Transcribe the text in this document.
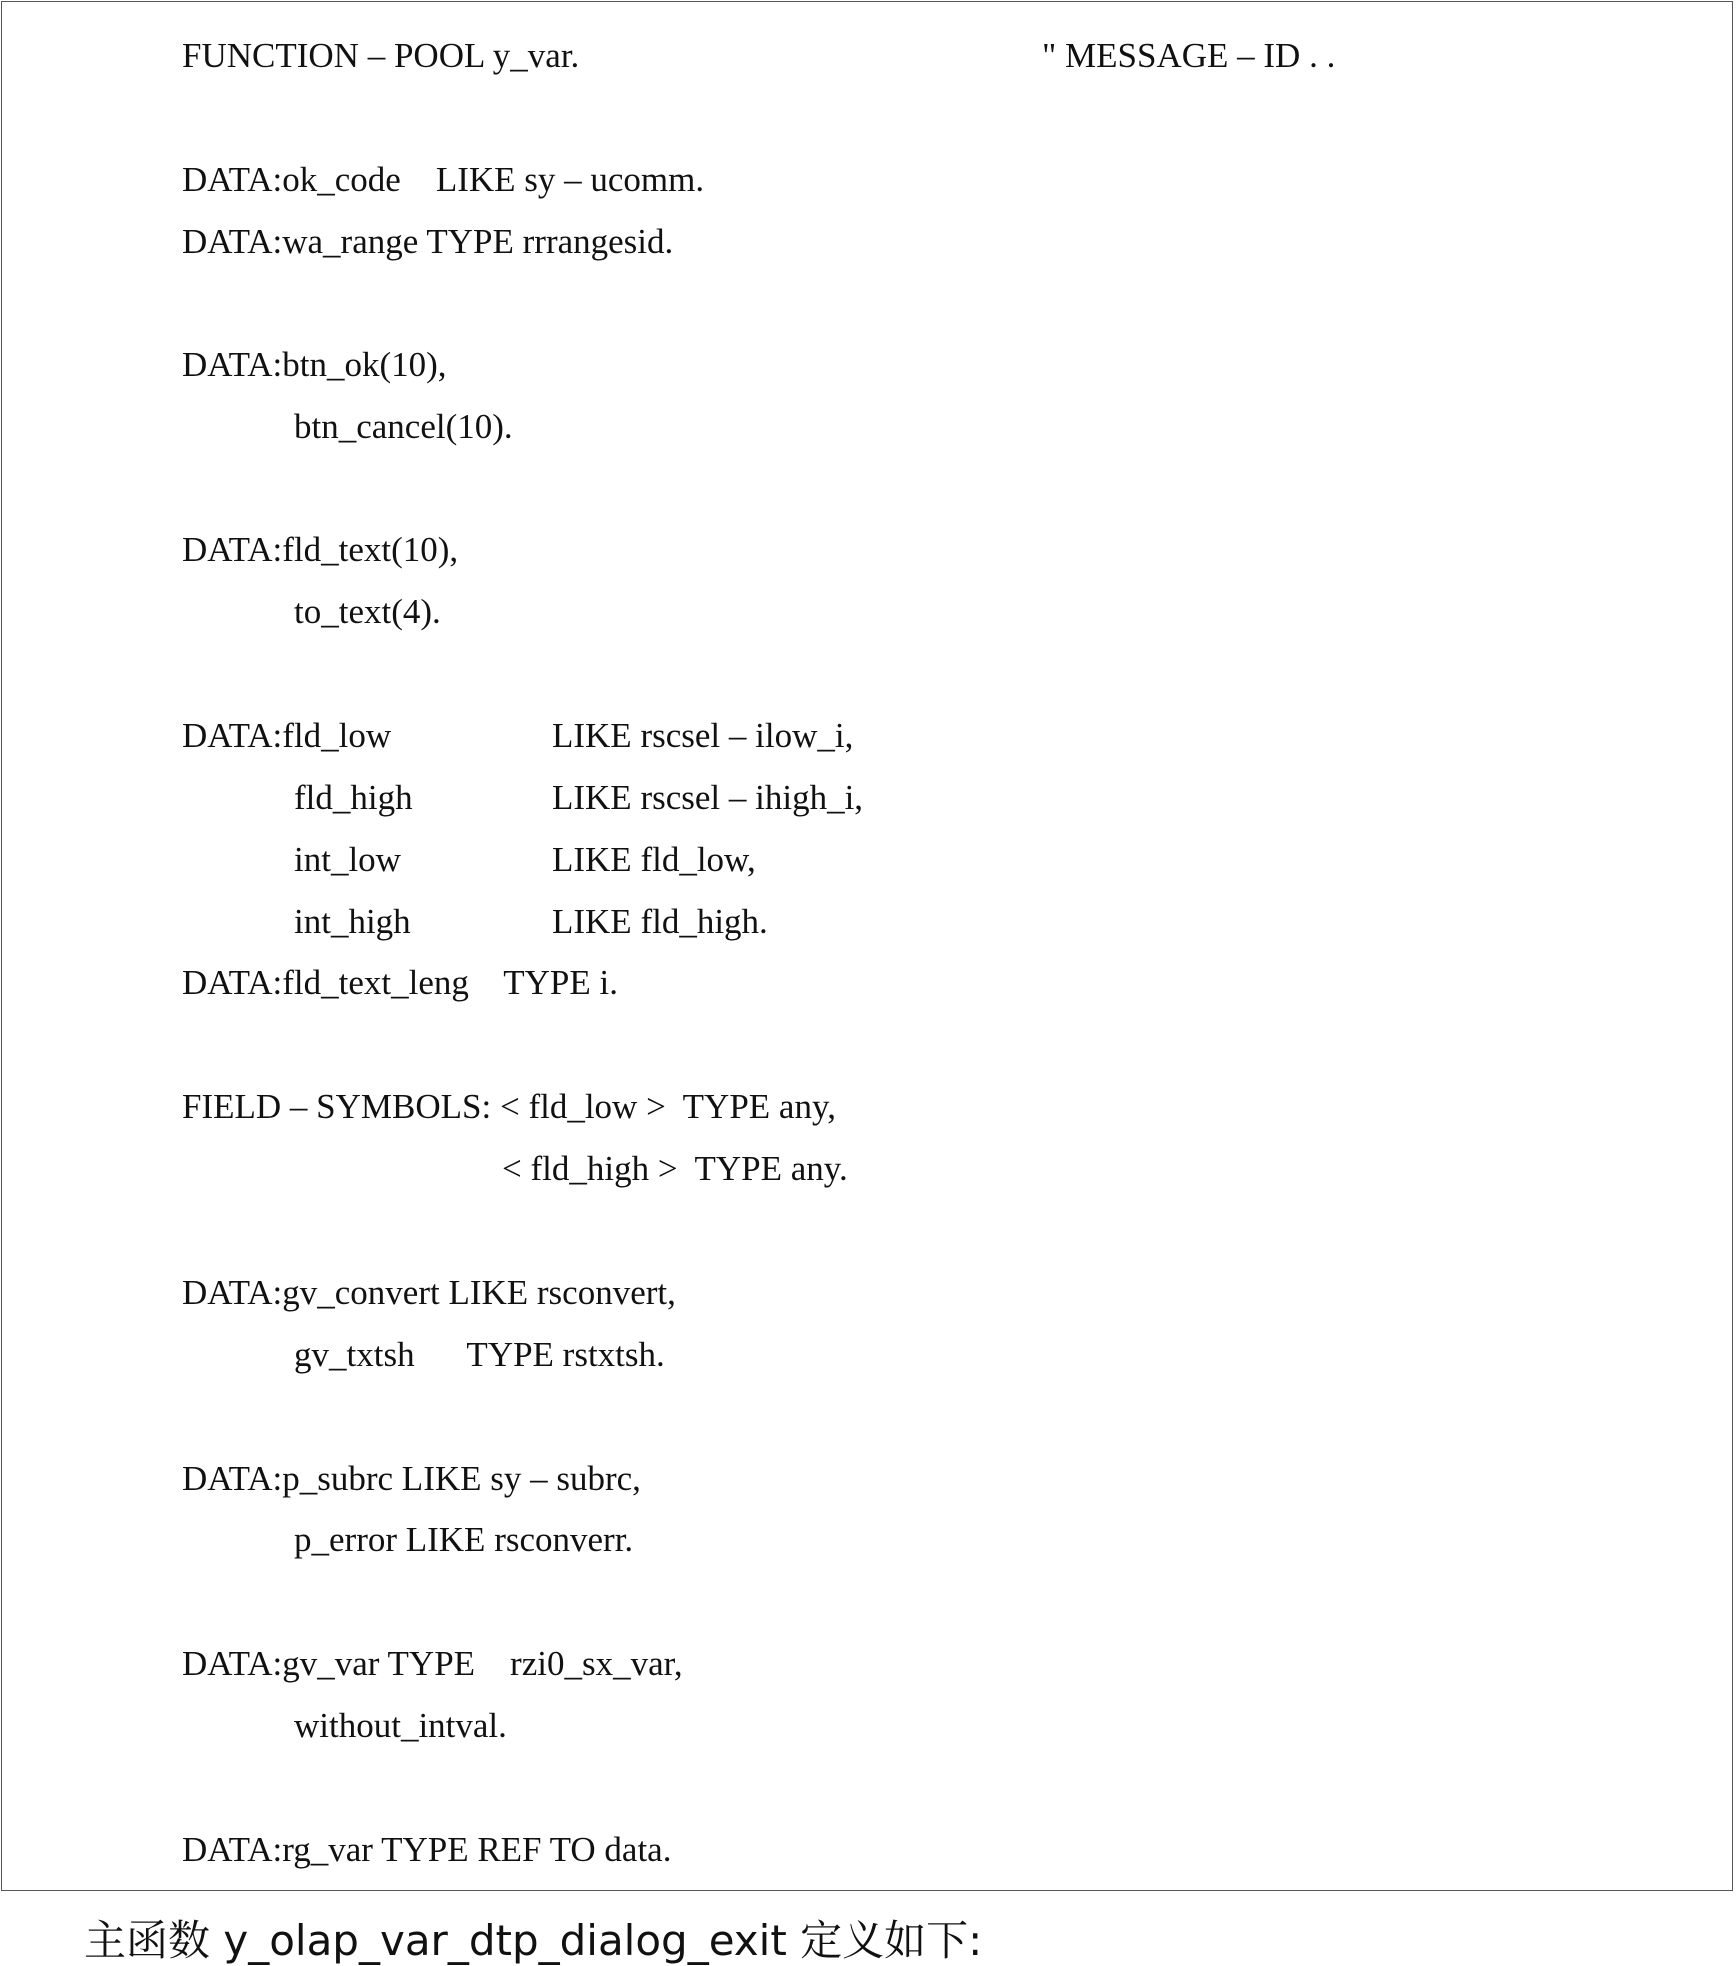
FUNCTION – POOL y_var.	" MESSAGE – ID . .
DATA:ok_code    LIKE sy – ucomm.
DATA:wa_range TYPE rrrangesid.
DATA:btn_ok(10),
btn_cancel(10).
DATA:fld_text(10),
to_text(4).
DATA:fld_low	LIKE rscsel – ilow_i,
fld_high	LIKE rscsel – ihigh_i,
int_low	LIKE fld_low,
int_high	LIKE fld_high.
DATA:fld_text_leng    TYPE i.
FIELD – SYMBOLS: < fld_low >  TYPE any,
< fld_high >  TYPE any.
DATA:gv_convert LIKE rsconvert,
gv_txtsh      TYPE rstxtsh.
DATA:p_subrc LIKE sy – subrc,
p_error LIKE rsconverr.
DATA:gv_var TYPE    rzi0_sx_var,
without_intval.
DATA:rg_var TYPE REF TO data.
主函数 y_olap_var_dtp_dialog_exit 定义如下:
